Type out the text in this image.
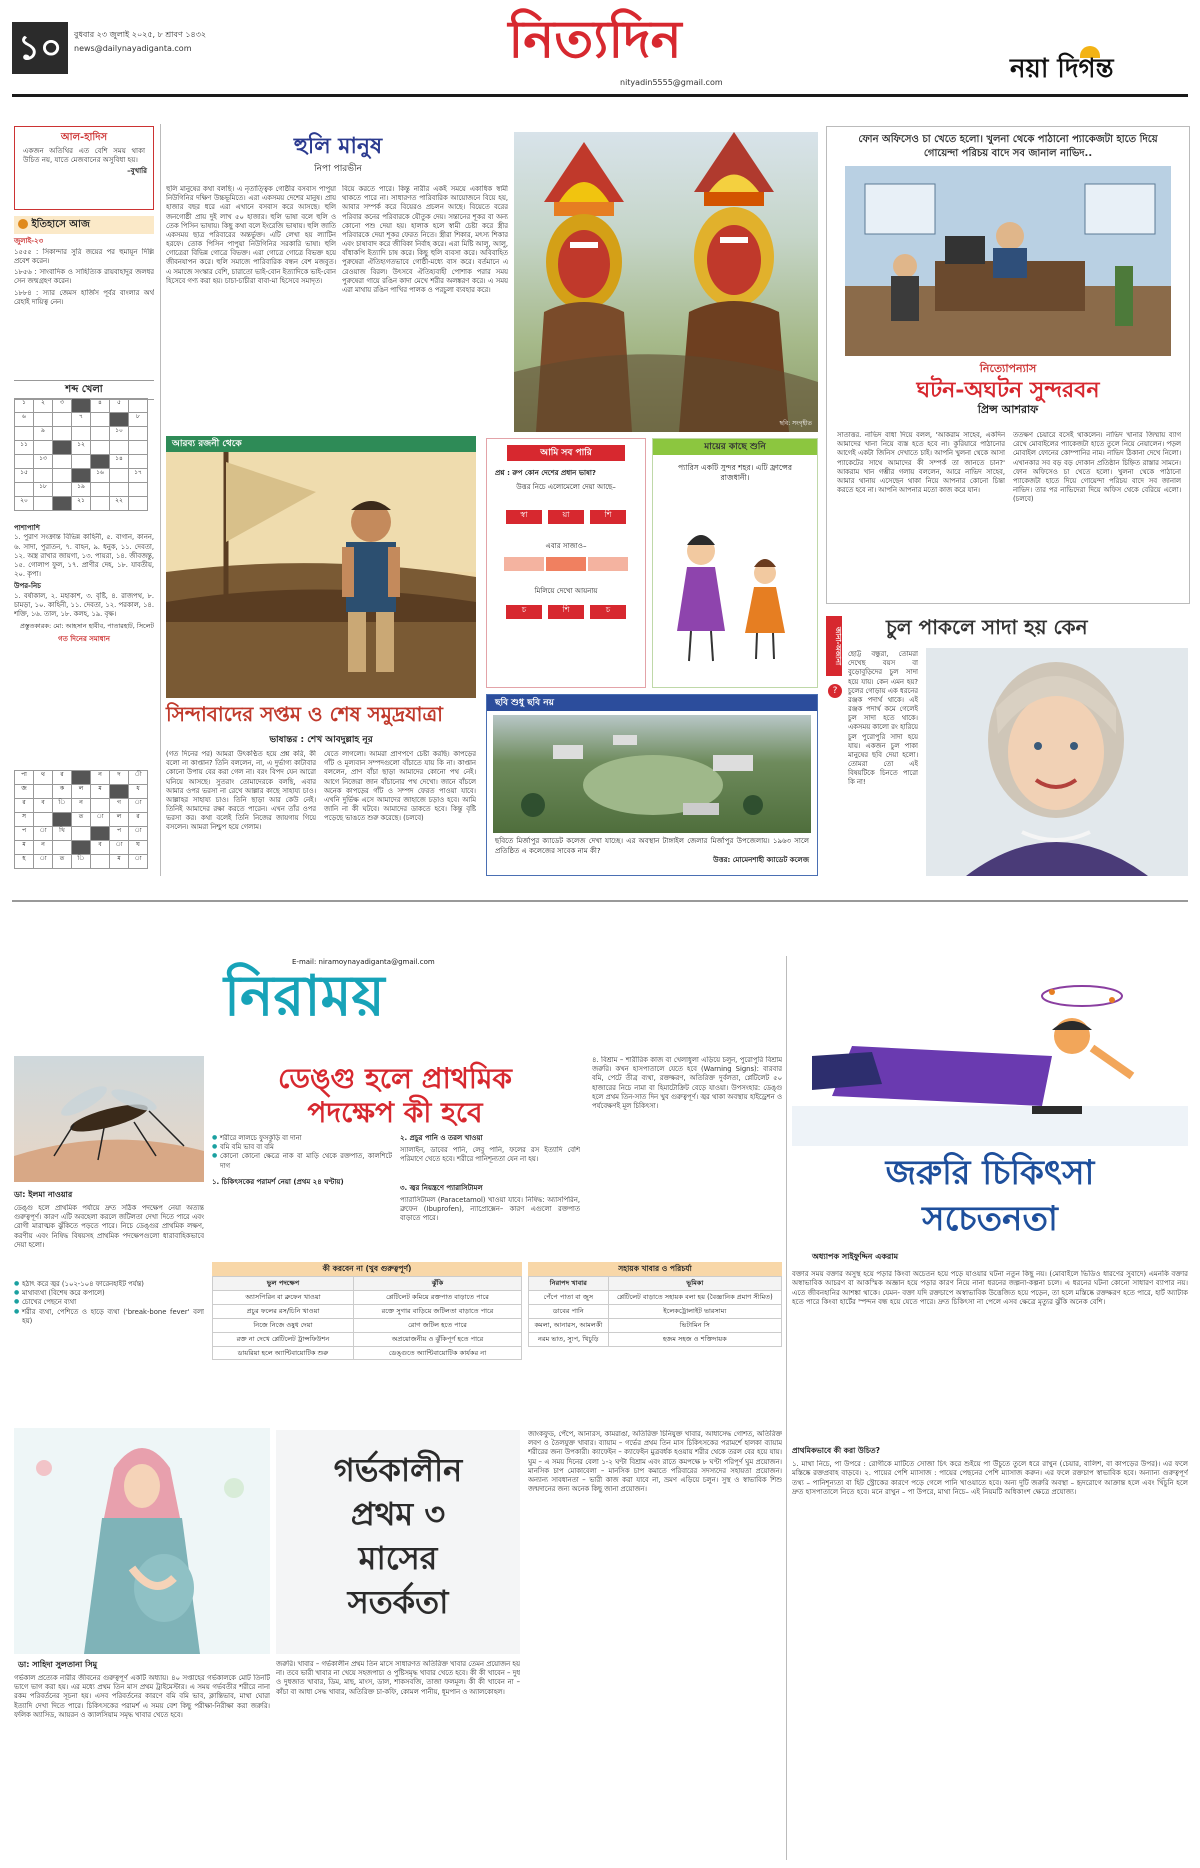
১০	বুধবার ২৩ জুলাই ২০২৫, ৮ শ্রাবণ ১৪৩২
news@dailynayadiganta.com	নিত্যদিন
nityadin5555@gmail.com	নয়া দিগন্ত
আল-হাদিস
একজন অতিথির এত বেশি সময় থাকা উচিত নয়, যাতে মেজবানের অসুবিধা হয়।
–বুখারি
ইতিহাসে আজ
জুলাই-২৩
১৫৫৫ : সিকান্দার সুরি জয়ের পর হুমায়ূন দিল্লি প্রবেশ করেন।
১৮৫৬ : সাংবাদিক ও সাহিত্যিক রায়বাহাদুর জলধর সেন জন্মগ্রহণ করেন।
১৮৮৪ : স্যার জেমস হার্জিস পূর্বর বাংলার অর্থ রেহাই দায়িত্ব নেন।
শব্দ খেলা
১	২	৩		৪	৫	
৬			৭			৮
	৯				১০	
১১			১২			
	১৩				১৪	
১৫				১৬		১৭
	১৮		১৯			
২০			২১		২২	
পাশাপাশি
১. পুরাণ সংক্রান্ত বিভিন্ন কাহিনী, ৫. বাগান, কানন, ৬. সাদা, পুরাতন, ৭. বাহন, ৯. ধনুক, ১১. দেবতা, ১২. অস্ত্র রাখার জায়গা, ১৩. পায়রা, ১৪. জীবজন্তু, ১৫. গোলাপ ফুল, ১৭. প্রাণীর দেহ, ১৮. যাবতীয়, ২০. কৃপা।
উপর-নিচ
১. বর্ষাকাল, ২. মহাকাশ, ৩. বৃষ্টি, ৪. রাজপথ, ৮. চামড়া, ১০. কাহিনী, ১১. দেবতা, ১২. পরকাল, ১৪. শক্তি, ১৬. তাল, ১৮. কলহ, ১৯. বৃক্ষ।
প্রস্তুতকারক: মো: আহসান হাবীব, পাতারহাট, সিলেট
গত দিনের সমাধান
পা	থ	র		ন	দ	ী
জ		ক	ল	ম		ধ
র	ব	ি	ন		গ	া
স			ত	া	ল	র
প	া	খি			প	া
ম	ন			ব	া	ঘ
হ	া	ত	ি		ম	া
হুলি মানুষ
নিপা পারভীন
হুলি মানুষের কথা বলছি। এ নৃতাত্ত্বিক গোষ্ঠীর বসবাস পাপুয়া নিউগিনির দক্ষিণ উচ্চভূমিতে। এরা একসময় দেশের মানুষ। প্রায় হাজার বছর ধরে এরা এখানে বসবাস করে আসছে। হুলি জনগোষ্ঠী প্রায় দুই লাখ ৫০ হাজার। হুলি ভাষা বলে হুলি ও তেক পিসিন ভাষায়। কিছু কথা বলে ইংরেজি ভাষায়। হুলি জাতি একসময় ছাত্র পরিবারের অন্তর্ভুক্ত। এটি লেখা হয় ল্যাটিন হরফে। তোক পিসিন পাপুয়া নিউগিনির সরকারি ভাষা। হুলি গোত্রেরা বিভিন্ন গোত্রে বিভক্ত। এরা গোত্রে গোত্রে বিভক্ত হয়ে জীবনযাপন করে। হুলি সমাজে পারিবারিক বন্ধন বেশ মজবুত। এ সমাজে সংস্কার বেশি, চারাতো ভাই-বোন ইত্যাদিকে ভাই-বোন হিসেবে গণ্য করা হয়। চাচা-চাচীরা বাবা-মা হিসেবে সমাদৃত।
বিয়ে করতে পারে। কিন্তু নারীর একই সময়ে একাধিক স্বামী থাকতে পারে না। সাধারণত পারিবারিক আয়োজনে বিয়ে হয়, আবার সম্পর্ক করে বিয়েরও প্রচলন আছে। বিয়েতে বরের পরিবার কনের পরিবারকে যৌতুক দেয়। সন্তানের শূকর বা অন্য কোনো পশু দেয়া হয়। হালাক হলে স্বামী চেষ্টা করে স্ত্রীর পরিবারকে দেয়া শূকর ফেরত নিতে। স্ত্রীরা শিকার, মৎস্য শিকার এবং চাষাবাদ করে জীবিকা নির্বাহ করে। এরা মিষ্টি আলু, আলু, বাঁধাকপি ইত্যাদি চাষ করে। কিছু হুলি ব্যবসা করে। অবিবাহিত পুরুষেরা ঐতিহ্যগতভাবে গোষ্ঠী-মধ্যে বাস করে। বর্তমানে এ রেওয়াজ বিরল। উৎসবে ঐতিহ্যবাহী পোশাক পরার সময় পুরুষেরা গায়ে রঙিন কাদা মেখে শরীর অলঙ্করণ করে। এ সময় এরা মাথায় রঙিন পাখির পালক ও পরচুলা ব্যবহার করে।
ছবি: সংগৃহীত
ফোন অফিসেও চা খেতে হলো। খুলনা থেকে পাঠানো প্যাকেজটা হাতে দিয়ে গোয়েন্দা পরিচয় বাদে সব জানাল নাভিদ..
নিত্যোপন্যাস
ঘটন-অঘটন সুন্দরবন
প্রিন্স আশরাফ
সাতাত্তর. নাভিদ বাধা দিয়ে বলল, 'আকরাম সাহেব, একদিন আমাদের খানা নিয়ে ব্যস্ত হতে হবে না। কুরিয়ারে পাঠানোর আগেই একটা জিনিস দেখাতে চাই। আপনি খুলনা থেকে আসা প্যাকেটের সাথে আমাদের কী সম্পর্ক তা জানতে চান?' আকরাম খান গম্ভীর গলায় বললেন, আরে নাভিদ সাহেব, আমার থানায় এসেছেন থাকা নিয়ে আপনার কোনো চিন্তা করতে হবে না। আপনি আপনার মতো কাজ করে যান।
ততক্ষণ চেয়ারে বসেই থাকলেন। নাভিদ খানার জিম্মায় ব্যাগ রেখে মোবাইলের প্যাকেজটা হাতে তুলে নিয়ে নেয়ালেন। পড়ল মোবাইল ফোনের কোম্পানির নাম। নাভিদ ঠিকানা দেখে নিলো। এখানকার সব বড় বড় দোকান প্রতিষ্ঠান চিহ্নিত রাস্তার সামনে। ফোন অফিসেও চা খেতে হলো। খুলনা থেকে পাঠানো প্যাকেজটা হাতে দিয়ে গোয়েন্দা পরিচয় বাদে সব জানাল নাভিদ। তার পর নাভিদেরা দিয়ে অফিস থেকে বেরিয়ে এলো। (চলবে)
আরব্য রজনী থেকে
সিন্দাবাদের সপ্তম ও শেষ সমুদ্রযাত্রা
ভাষান্তর : শেখ আবদুল্লাহ নূর
(গত দিনের পর) আমরা উৎকণ্ঠিত হয়ে প্রশ্ন করি, কী বলো না কাপ্তান? তিনি বললেন, না, এ দুর্ভাগ্য কাটাবার কোনো উপায় বের করা গেল না। বরং বিপদ যেন আরো ঘনিয়ে আসছে। সুতরাং তোমাদেরকে বলছি, এবার আমার ওপর ভরসা না রেখে আল্লার কাছে সাহায্য চাও। আল্লাহর সাহায্য চাও। তিনি ছাড়া আর কেউ নেই। তিনিই আমাদের রক্ষা করতে পারেন। এখন তাঁর ওপর ভরসা কর। কথা বলেই তিনি নিজের জায়গায় গিয়ে বসলেন। আমরা নিশ্চুপ হয়ে গেলাম।
যেতে লাগলো। আমরা প্রাণপণে চেষ্টা করছি। কাপড়ের গাঁট ও মূল্যবান সম্পদগুলো বাঁচাতে যায় কি না। কাপ্তান বললেন, প্রাণ বাঁচা ছাড়া আমাদের কোনো পথ নেই। আগে নিজেরা জান বাঁচানোর পথ দেখো। জানে বাঁচলে অনেক কাপড়ের গাঁট ও সম্পদ ফেরত পাওয়া যাবে। এখনি দুর্ভিক্ষ এসে আমাদের জাহাজে চড়াও হবে। আমি জানি না কী ঘটবে। আমাদের ডাকতে হবে। কিন্তু বৃষ্টি পড়েছে ভাঙতে শুরু করেছে। (চলবে)
আমি সব পারি
প্রশ্ন : রুপ কোন দেশের প্রধান ভাষা?
উত্তর নিচে এলোমেলো দেয়া আছে–
স্বা	য়া	শি
এবার সাজাও–
মিলিয়ে দেখো আয়নায়
চ	শি	চ
মায়ের কাছে শুনি
প্যারিস একটি সুন্দর শহর। এটি ফ্রান্সের রাজধানী।
ছবি শুধু ছবি নয়
ছবিতে মির্জাপুর ক্যাডেট কলেজ দেখা যাচ্ছে। এর অবস্থান টাঙ্গাইল জেলার মির্জাপুর উপজেলায়। ১৯৬৩ সালে প্রতিষ্ঠিত এ কলেজের সাবেক নাম কী?
উত্তর: মোমেনশাহী ক্যাডেট কলেজ
জানা-অজানা
?
চুল পাকলে সাদা হয় কেন
ছোট্ট বন্ধুরা, তোমরা দেখেছ বয়স বা বুড়োবুড়িদের চুল সাদা হয়ে যায়। কেন এমন হয়? চুলের গোড়ায় এক ধরনের রঞ্জক পদার্থ থাকে। এই রঞ্জক পদার্থ কমে গেলেই চুল সাদা হতে থাকে। একসময় কালো রং হারিয়ে চুল পুরোপুরি সাদা হয়ে যায়। একজন চুল পাকা মানুষের ছবি দেয়া হলো। তোমরা তো এই বিষয়টিকে চিনতে পারো কি না!
E-mail: niramoynayadiganta@gmail.com
নিরাময়
ডেঙ্গু হলে প্রাথমিক
পদক্ষেপ কী হবে
ডা: ইলমা নাওয়ার
ডেঙ্গু হলে প্রাথমিক পর্যায়ে দ্রুত সঠিক পদক্ষেপ নেয়া অত্যন্ত গুরুত্বপূর্ণ। কারণ এটি অবহেলা করলে জটিলতা দেখা দিতে পারে এবং রোগী মারাত্মক ঝুঁকিতে পড়তে পারে। নিচে ডেঙ্গুর প্রাথমিক লক্ষণ, করণীয় এবং নিষিদ্ধ বিষয়সহ প্রাথমিক পদক্ষেপগুলো ধারাবাহিকভাবে দেয়া হলো।
● হঠাৎ করে জ্বর (১০২-১০৪ ফারেনহাইট পর্যন্ত)
● মাথাব্যথা (বিশেষ করে কপালে)
● চোখের পেছনে ব্যথা
● শরীর ব্যথা, পেশিতে ও হাড়ে ব্যথা ('break-bone fever' বলা হয়)
● শরীরে লালচে ফুসকুড়ি বা দানা
● বমি বমি ভাব বা বমি
● কোনো কোনো ক্ষেত্রে নাক বা মাড়ি থেকে রক্তপাত, কালশিটে দাগ
১. চিকিৎসকের পরামর্শ নেয়া (প্রথম ২৪ ঘণ্টায়)
২. প্রচুর পানি ও তরল খাওয়া
স্যালাইন, ডাবের পানি, লেবু পানি, ফলের রস ইত্যাদি বেশি পরিমাণে খেতে হবে। শরীরে পানিশূন্যতা যেন না হয়।
৩. জ্বর নিয়ন্ত্রণে প্যারাসিটামল
প্যারাসিটামল (Paracetamol) খাওয়া যাবে। নিষিদ্ধ: অ্যাসপিরিন, ব্রুফেন (Ibuprofen), ন্যাপ্রোক্সেন– কারণ এগুলো রক্তপাত বাড়াতে পারে।
৪. বিশ্রাম – শারীরিক কাজ বা খেলাধুলা এড়িয়ে চলুন, পুরোপুরি বিশ্রাম জরুরি। কখন হাসপাতালে যেতে হবে (Warning Signs): বারবার বমি, পেটে তীব্র ব্যথা, রক্তক্ষরণ, অতিরিক্ত দুর্বলতা, প্লেটিলেট ৫০ হাজারের নিচে নামা বা হিমাটোক্রিট বেড়ে যাওয়া। উপসংহার: ডেঙ্গু হলে প্রথম তিন-সাত দিন খুব গুরুত্বপূর্ণ। জ্বর থাকা অবস্থায় হাইড্রেশন ও পর্যবেক্ষণই মূল চিকিৎসা।
কী করবেন না (খুব গুরুত্বপূর্ণ)
ভুল পদক্ষেপ	ঝুঁকি
অ্যাসপিরিন বা ব্রুফেন খাওয়া	প্লেটিলেট কমিয়ে রক্তপাত বাড়াতে পারে
প্রচুর ফলের রস/চিনি খাওয়া	রক্তে সুগার বাড়িয়ে জটিলতা বাড়াতে পারে
নিজে নিজে ওষুধ দেয়া	রোগ জটিল হতে পারে
রক্ত না দেখে প্লেটিলেট ট্রান্সফিউশন	অপ্রয়োজনীয় ও ঝুঁকিপূর্ণ হতে পারে
ডায়রিয়া হলে অ্যান্টিবায়োটিক শুরু	ডেঙ্গুতে অ্যান্টিবায়োটিক কার্যকর না
সহায়ক খাবার ও পরিচর্যা
নিরাপদ খাবার	ভূমিকা
পেঁপে পাতা বা জুস	প্লেটিলেট বাড়াতে সহায়ক বলা হয় (বৈজ্ঞানিক প্রমাণ সীমিত)
ডাবের পানি	ইলেকট্রোলাইট ভারসাম্য
কমলা, আনারস, আমলকী	ভিটামিন সি
নরম ভাত, স্যুপ, খিচুড়ি	হজম সহজ ও শক্তিদায়ক
জরুরি চিকিৎসা
সচেতনতা
অধ্যাপক সাইফুদ্দিন একরাম
বক্তার সময় বক্তার অসুস্থ হয়ে পড়ার কিংবা অচেতন হয়ে পড়ে যাওয়ার ঘটনা নতুন কিছু নয়। (মোবাইলে ভিডিও ধারণের সুবাদে) এমনকি বক্তার অস্বাভাবিক আচরণ বা আকস্মিক অজ্ঞান হয়ে পড়ার কারণ নিয়ে নানা ধরনের জল্পনা-কল্পনা চলে। এ ধরনের ঘটনা কোনো সাধারণ ব্যাপার নয়। এতে জীবনহানির আশঙ্কা থাকে। যেমন- বক্তা যদি রক্তচাপে অস্বাভাবিক উত্তেজিত হয়ে পড়েন, তা হলে মস্তিষ্কে রক্তক্ষরণ হতে পারে, হার্ট অ্যাটাক হতে পারে কিংবা হার্টের স্পন্দন বন্ধ হয়ে যেতে পারে। দ্রুত চিকিৎসা না পেলে এসব ক্ষেত্রে মৃত্যুর ঝুঁকি অনেক বেশি।
প্রাথমিকভাবে কী করা উচিত?
১. মাথা নিচে, পা উপরে : রোগীকে মাটিতে সোজা চিৎ করে শুইয়ে পা উঁচুতে তুলে ধরে রাখুন (চেয়ার, বালিশ, বা কাপড়ের উপর)। এর ফলে মস্তিষ্কে রক্তপ্রবাহ বাড়বে। ২. পায়ের পেশি ম্যাসাজ : পায়ের পেছনের পেশি ম্যাসাজ করুন। এর ফলে রক্তচাপ স্বাভাবিক হবে। অন্যান্য গুরুত্বপূর্ণ তথ্য – পানিশূন্যতা বা হিট স্ট্রোকের কারণে পড়ে গেলে পানি খাওয়াতে হবে। অন্য দুটি জরুরি অবস্থা – হৃদরোগে আক্রান্ত হলে এবং খিঁচুনি হলে দ্রুত হাসপাতালে নিতে হবে। মনে রাখুন – পা উপরে, মাথা নিচে– এই নিয়মটি অধিকাংশ ক্ষেত্রে প্রযোজ্য।
গর্ভকালীন
প্রথম ৩
মাসের
সতর্কতা
ডা: সাহিদা সুলতানা সিমু
গর্ভকাল প্রত্যেক নারীর জীবনের গুরুত্বপূর্ণ একটি অধ্যায়। ৪০ সপ্তাহের গর্ভকালকে মোট তিনটি ভাগে ভাগ করা হয়। এর মধ্যে প্রথম তিন মাস প্রথম ট্রাইমেস্টার। এ সময় গর্ভবতীর শরীরে নানা রকম পরিবর্তনের সূচনা হয়। এসব পরিবর্তনের কারণে বমি বমি ভাব, ক্লান্তিভাব, মাথা ঘোরা ইত্যাদি দেখা দিতে পারে। চিকিৎসকের পরামর্শ এ সময় বেশ কিছু পরীক্ষা-নিরীক্ষা করা জরুরি। ফলিক অ্যাসিড, আয়রন ও ক্যালসিয়াম সমৃদ্ধ খাবার খেতে হবে।
জরুরি। খাবার – গর্ভকালীন প্রথম তিন মাসে সাধারণত অতিরিক্ত খাবার তেমন প্রয়োজন হয় না। তবে ভারী খাবার না খেয়ে সহজপাচ্য ও পুষ্টিসমৃদ্ধ খাবার খেতে হবে। কী কী খাবেন – দুধ ও দুধজাত খাবার, ডিম, মাছ, মাংস, ডাল, শাকসবজি, তাজা ফলমূল। কী কী খাবেন না – কাঁচা বা আধা সেদ্ধ খাবার, অতিরিক্ত চা-কফি, কোমল পানীয়, ধূমপান ও অ্যালকোহল।
জাংকফুড, পেঁপে, আনারস, কামরাঙা, অতিরিক্ত চিনিযুক্ত খাবার, আধাসেদ্ধ গোশত, অতিরিক্ত লবণ ও তৈলযুক্ত খাবার। ব্যায়াম – গর্ভের প্রথম তিন মাস চিকিৎসকের পরামর্শে হালকা ব্যায়াম শরীরের জন্য উপকারী। ক্যাফেইন – ক্যাফেইন মুত্রবর্ধক হওয়ায় শরীর থেকে তরল বের হয়ে যায়। ঘুম – এ সময় দিনের বেলা ১-২ ঘণ্টা বিশ্রাম এবং রাতে কমপক্ষে ৮ ঘণ্টা পরিপূর্ণ ঘুম প্রয়োজন। মানসিক চাপ মোকাবেলা – মানসিক চাপ কমাতে পরিবারের সদস্যদের সহায়তা প্রয়োজন। অন্যান্য সাবধানতা – ভারী কাজ করা যাবে না, ভ্রমণ এড়িয়ে চলুন। সুস্থ ও স্বাভাবিক শিশু জন্মদানের জন্য অনেক কিছু জানা প্রয়োজন।
